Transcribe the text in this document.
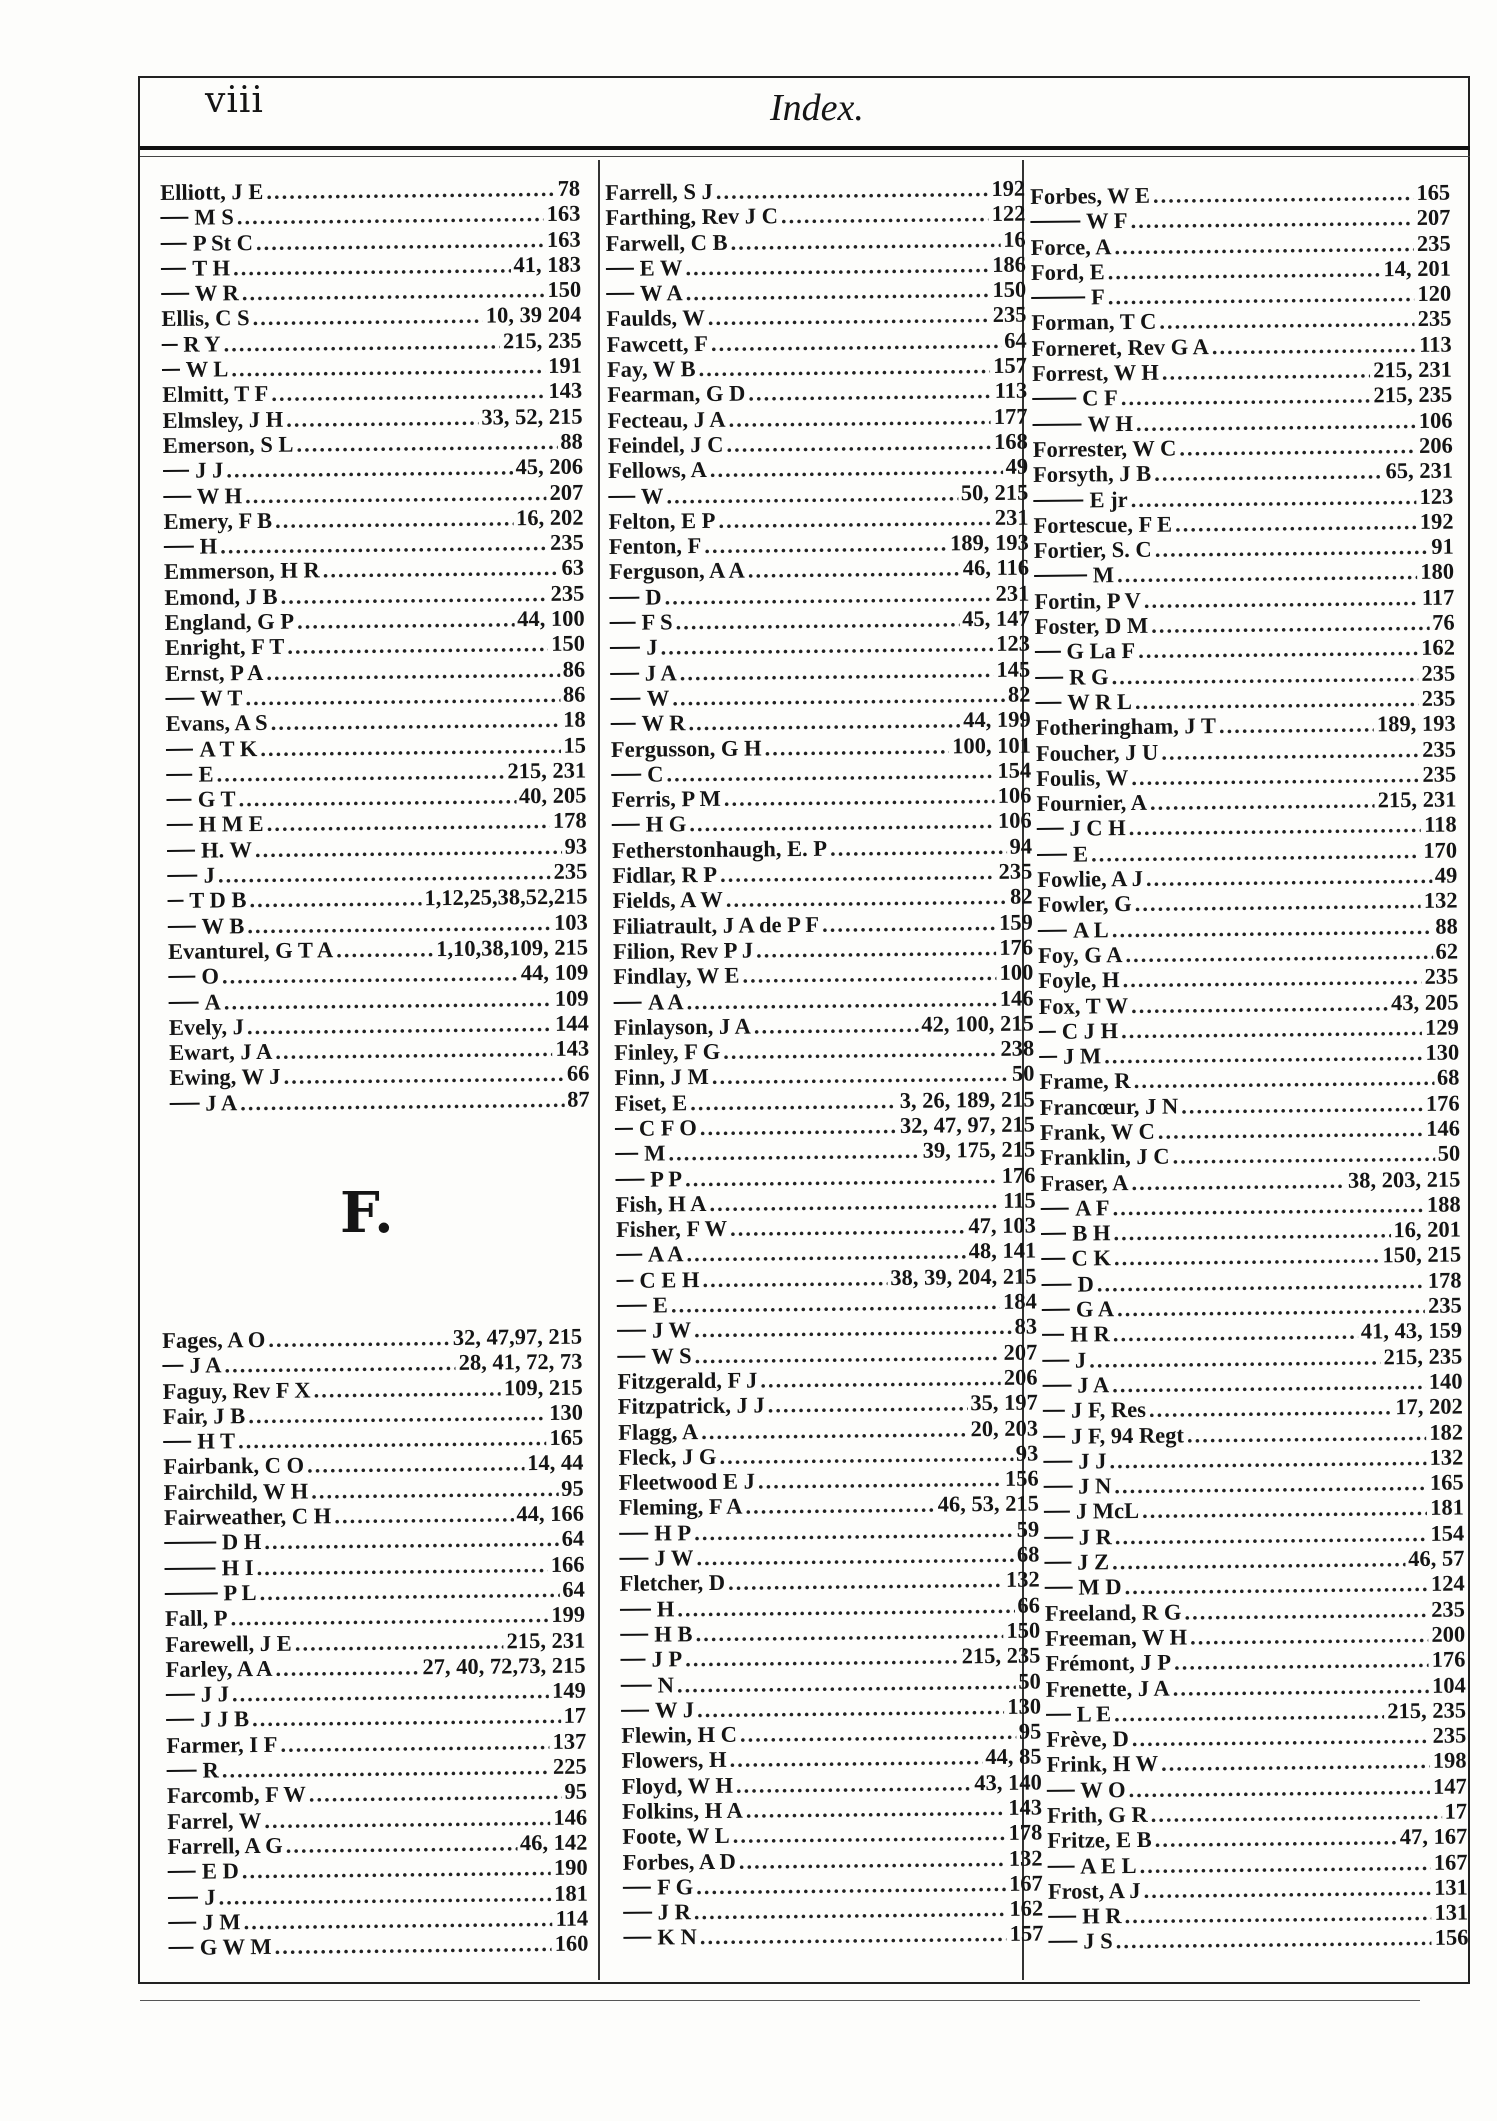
viii	Index.
Elliott, J E .....	78
M S .....	163
P St C .....	163
T H .....	41, 183
W R .....	150
Ellis, C S .....	10, 39 204
R Y .....	215, 235
W L .....	191
Elmitt, T F .....	143
Elmsley, J H .....	33, 52, 215
Emerson, S L .....	88
J J .....	45, 206
W H .....	207
Emery, F B .....	16, 202
H .....	235
Emmerson, H R .....	63
Emond, J B .....	235
England, G P .....	44, 100
Enright, F T .....	150
Ernst, P A .....	86
W T .....	86
Evans, A S .....	18
A T K .....	15
E .....	215, 231
G T .....	40, 205
H M E .....	178
H. W .....	93
J .....	235
T D B .....	1,12,25,38,52,215
W B .....	103
Evanturel, G T A .....	1,10,38,109, 215
O .....	44, 109
A .....	109
Evely, J .....	144
Ewart, J A .....	143
Ewing, W J .....	66
J A .....	87
Farrell, S J .....	192
Farthing, Rev J C .....	122
Farwell, C B .....	16
E W .....	186
W A .....	150
Faulds, W .....	235
Fawcett, F .....	64
Fay, W B .....	157
Fearman, G D .....	113
Fecteau, J A .....	177
Feindel, J C .....	168
Fellows, A .....	49
W .....	50, 215
Felton, E P .....	231
Fenton, F .....	189, 193
Ferguson, A A .....	46, 116
D .....	231
F S .....	45, 147
J .....	123
J A .....	145
W .....	82
W R .....	44, 199
Fergusson, G H .....	100, 101
C .....	154
Ferris, P M .....	106
H G .....	106
Fetherstonhaugh, E. P .....	94
Fidlar, R P .....	235
Fields, A W .....	82
Filiatrault, J A de P F .....	159
Filion, Rev P J .....	176
Findlay, W E .....	100
A A .....	146
Finlayson, J A .....	42, 100, 215
Finley, F G .....	238
Finn, J M .....	50
Fiset, E .....	3, 26, 189, 215
C F O .....	32, 47, 97, 215
M .....	39, 175, 215
P P .....	176
Fish, H A .....	115
Fisher, F W .....	47, 103
A A .....	48, 141
C E H .....	38, 39, 204, 215
E .....	184
J W .....	83
W S .....	207
Fitzgerald, F J .....	206
Fitzpatrick, J J .....	35, 197
Flagg, A .....	20, 203
Fleck, J G .....	93
Fleetwood E J .....	156
Fleming, F A .....	46, 53, 215
H P .....	59
J W .....	68
Fletcher, D .....	132
H .....	66
H B .....	150
J P .....	215, 235
N .....	50
W J .....	130
Flewin, H C .....	95
Flowers, H .....	44, 85
Floyd, W H .....	43, 140
Folkins, H A .....	143
Foote, W L .....	178
Forbes, A D .....	132
F G .....	167
J R .....	162
K N .....	157
Forbes, W E .....	165
W F .....	207
Force, A .....	235
Ford, E .....	14, 201
F .....	120
Forman, T C .....	235
Forneret, Rev G A .....	113
Forrest, W H .....	215, 231
C F .....	215, 235
W H .....	106
Forrester, W C .....	206
Forsyth, J B .....	65, 231
E jr .....	123
Fortescue, F E .....	192
Fortier, S. C .....	91
M .....	180
Fortin, P V .....	117
Foster, D M .....	76
G La F .....	162
R G .....	235
W R L .....	235
Fotheringham, J T .....	189, 193
Foucher, J U .....	235
Foulis, W .....	235
Fournier, A .....	215, 231
J C H .....	118
E .....	170
Fowlie, A J .....	49
Fowler, G .....	132
A L .....	88
Foy, G A .....	62
Foyle, H .....	235
Fox, T W .....	43, 205
C J H .....	129
J M .....	130
Frame, R .....	68
Francœur, J N .....	176
Frank, W C .....	146
Franklin, J C .....	50
Fraser, A .....	38, 203, 215
A F .....	188
B H .....	16, 201
C K .....	150, 215
D .....	178
G A .....	235
H R .....	41, 43, 159
J .....	215, 235
J A .....	140
J F, Res .....	17, 202
J F, 94 Regt .....	182
J J .....	132
J N .....	165
J McL .....	181
J R .....	154
J Z .....	46, 57
M D .....	124
Freeland, R G .....	235
Freeman, W H .....	200
Frémont, J P .....	176
Frenette, J A .....	104
L E .....	215, 235
Frève, D .....	235
Frink, H W .....	198
W O .....	147
Frith, G R .....	17
Fritze, E B .....	47, 167
A E L .....	167
Frost, A J .....	131
H R .....	131
J S .....	156
F.
Fages, A O .....	32, 47,97, 215
J A .....	28, 41, 72, 73
Faguy, Rev F X .....	109, 215
Fair, J B .....	130
H T .....	165
Fairbank, C O .....	14, 44
Fairchild, W H .....	95
Fairweather, C H .....	44, 166
D H .....	64
H I .....	166
P L .....	64
Fall, P .....	199
Farewell, J E .....	215, 231
Farley, A A .....	27, 40, 72,73, 215
J J .....	149
J J B .....	17
Farmer, I F .....	137
R .....	225
Farcomb, F W .....	95
Farrel, W .....	146
Farrell, A G .....	46, 142
E D .....	190
J .....	181
J M .....	114
G W M .....	160
